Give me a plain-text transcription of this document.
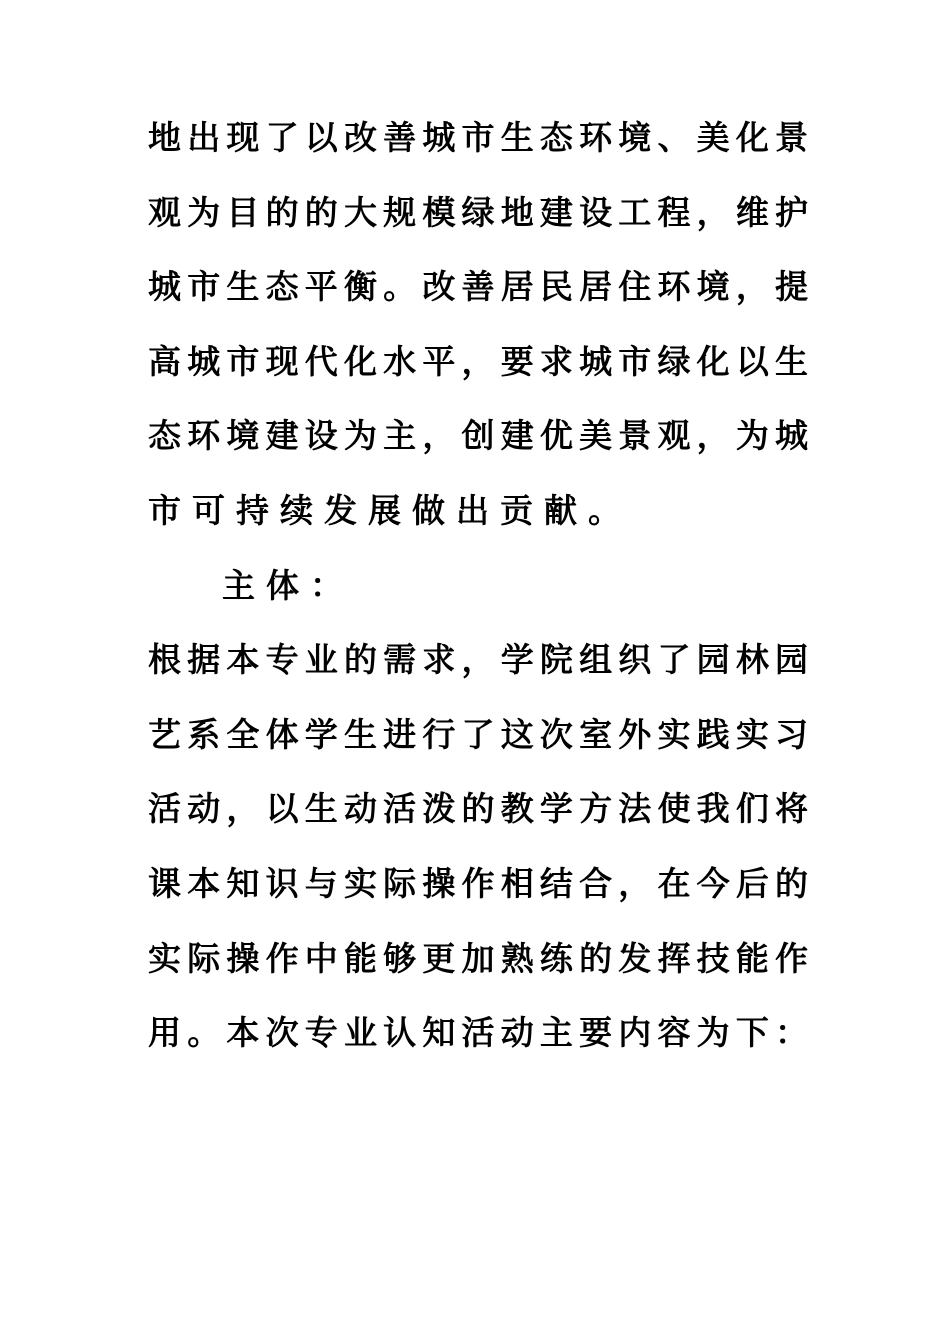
地 出 现 了 以 改 善 城 市 生 态 环 境 、 美 化 景
观 为 目 的 的 大 规 模 绿 地 建 设 工 程 ， 维 护
城 市 生 态 平 衡 。 改 善 居 民 居 住 环 境 ， 提
高 城 市 现 代 化 水 平 ， 要 求 城 市 绿 化 以 生
态 环 境 建 设 为 主 ， 创 建 优 美 景 观 ， 为 城
市可持续发展做出贡献。
主体：
根 据 本 专 业 的 需 求 ， 学 院 组 织 了 园 林 园
艺 系 全 体 学 生 进 行 了 这 次 室 外 实 践 实 习
活 动 ， 以 生 动 活 泼 的 教 学 方 法 使 我 们 将
课 本 知 识 与 实 际 操 作 相 结 合 ， 在 今 后 的
实 际 操 作 中 能 够 更 加 熟 练 的 发 挥 技 能 作
用 。 本 次 专 业 认 知 活 动 主 要 内 容 为 下 ：
